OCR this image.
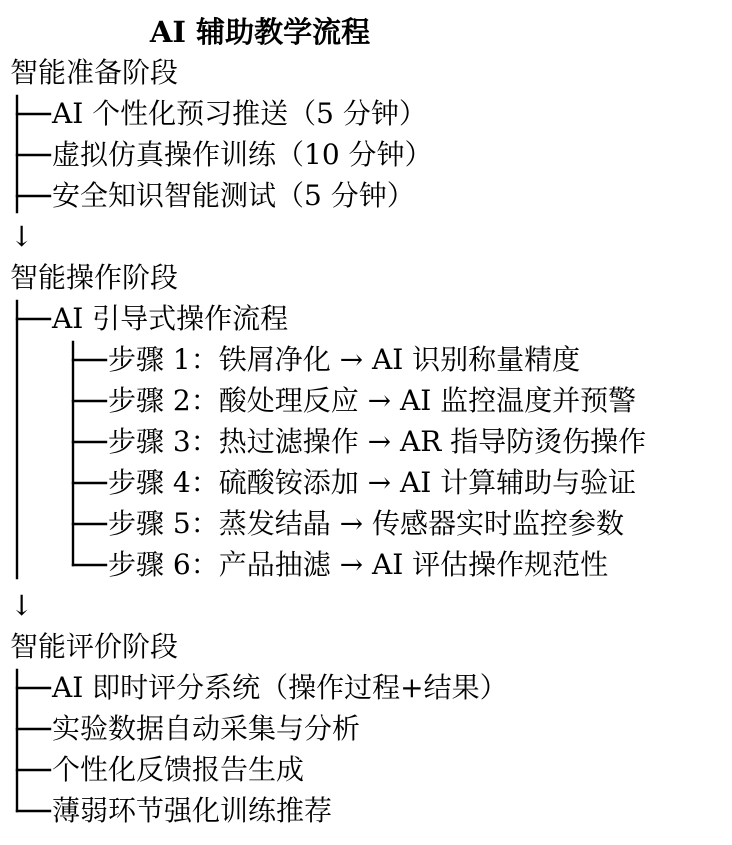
AI 辅助教学流程
智能准备阶段
AI 个性化预习推送（5 分钟）
虚拟仿真操作训练（10 分钟）
安全知识智能测试（5 分钟）
↓
智能操作阶段
AI 引导式操作流程
步骤 1：铁屑净化 → AI 识别称量精度
步骤 2：酸处理反应 → AI 监控温度并预警
步骤 3：热过滤操作 → AR 指导防烫伤操作
步骤 4：硫酸铵添加 → AI 计算辅助与验证
步骤 5：蒸发结晶 → 传感器实时监控参数
步骤 6：产品抽滤 → AI 评估操作规范性
↓
智能评价阶段
AI 即时评分系统（操作过程+结果）
实验数据自动采集与分析
个性化反馈报告生成
薄弱环节强化训练推荐
